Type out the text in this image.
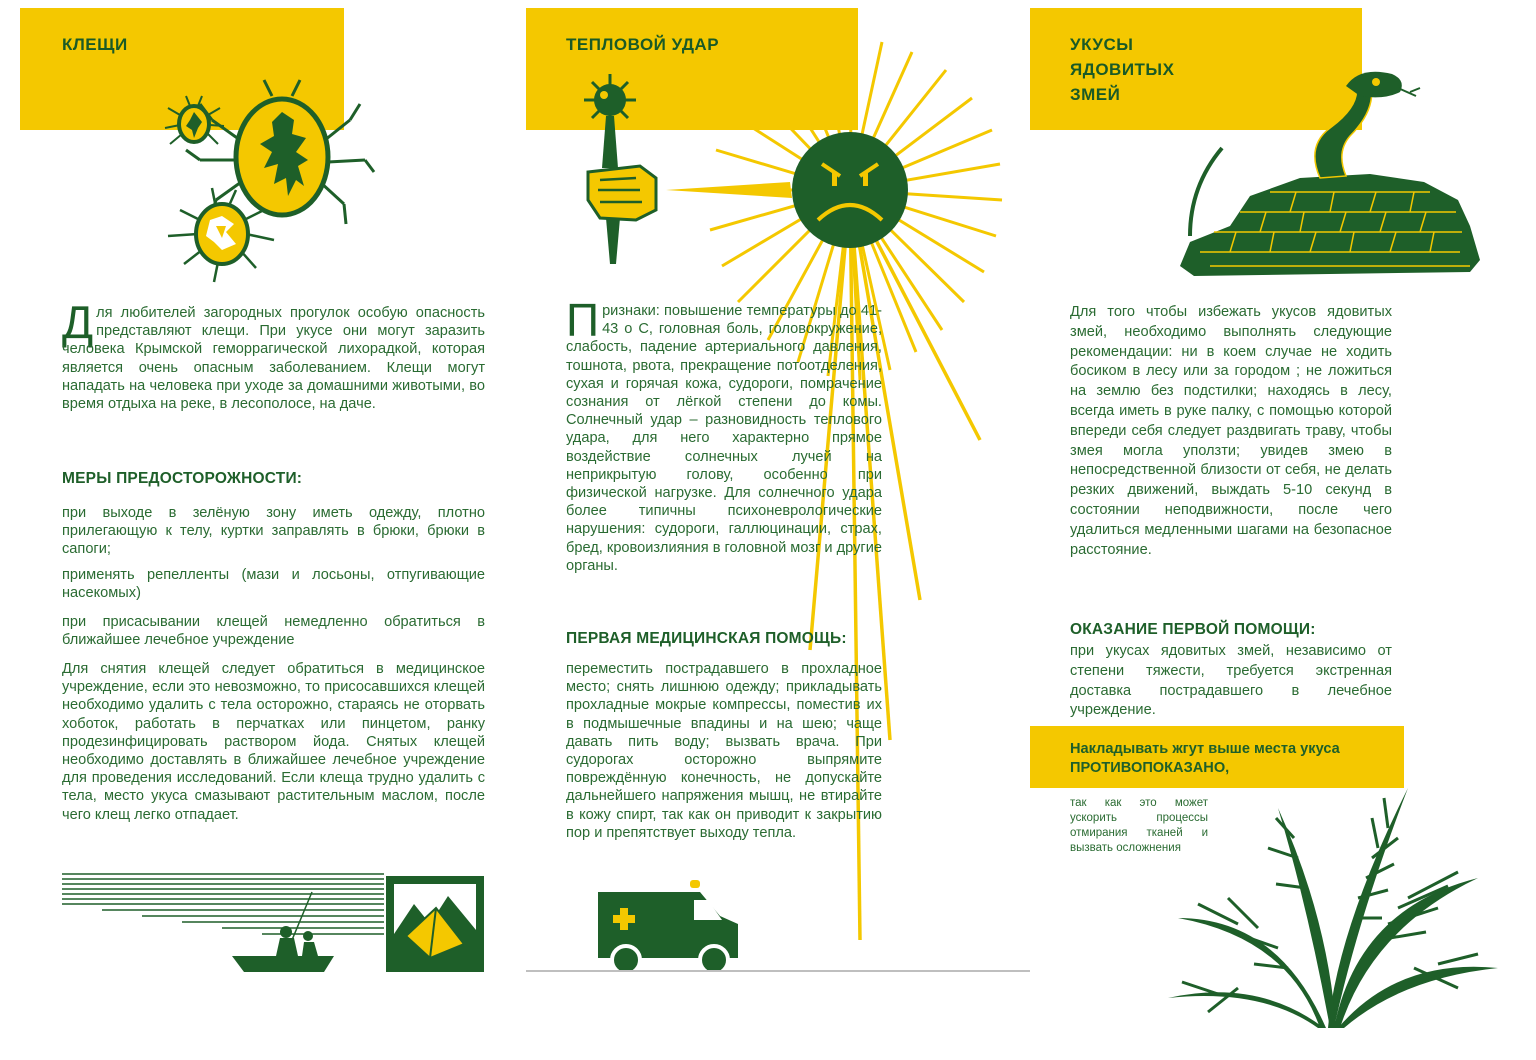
КЛЕЩИ
Для любителей загородных прогулок особую опасность представляют клещи. При укусе они могут заразить человека Крымской геморрагической лихорадкой, которая является очень опасным заболеванием. Клещи могут нападать на человека при уходе за домашними животыми, во время отдыха на реке, в лесополосе, на даче.
МЕРЫ ПРЕДОСТОРОЖНОСТИ:
при выходе в зелёную зону иметь одежду, плотно прилегающую к телу, куртки заправлять в брюки, брюки в сапоги;
применять репелленты (мази и лосьоны, отпугивающие насекомых)
при присасывании клещей немедленно обратиться в ближайшее лечебное учреждение
Для снятия клещей следует обратиться в медицинское учреждение, если это невозможно, то присосавшихся клещей необходимо удалить с тела осторожно, стараясь не оторвать хоботок, работать в перчатках или пинцетом, ранку продезинфицировать раствором йода. Снятых клещей необходимо доставлять в ближайшее лечебное учреждение для проведения исследований. Если клеща трудно удалить с тела, место укуса смазывают растительным маслом, после чего клещ легко отпадает.
ТЕПЛОВОЙ УДАР
Признаки: повышение температуры до 41-43 о С, головная боль, головокружение, слабость, падение артериального давления, тошнота, рвота, прекращение потоотделения, сухая и горячая кожа, судороги, помрачение сознания от лёгкой степени до комы. Солнечный удар – разновидность теплового удара, для него характерно прямое воздействие солнечных лучей на неприкрытую голову, особенно при физической нагрузке. Для солнечного удара более типичны психоневрологические нарушения: судороги, галлюцинации, страх, бред, кровоизлияния в головной мозг и другие органы.
ПЕРВАЯ МЕДИЦИНСКАЯ ПОМОЩЬ:
переместить пострадавшего в прохладное место; снять лишнюю одежду; прикладывать прохладные мокрые компрессы, поместив их в подмышечные впадины и на шею; чаще давать пить воду; вызвать врача. При судорогах осторожно выпрямите повреждённую конечность, не допускайте дальнейшего напряжения мышц, не втирайте в кожу спирт, так как он приводит к закрытию пор и препятствует выходу тепла.
УКУСЫ
ЯДОВИТЫХ
ЗМЕЙ
Для того чтобы избежать укусов ядовитых змей, необходимо выполнять следующие рекомендации: ни в коем случае не ходить босиком в лесу или за городом ; не ложиться на землю без подстилки; находясь в лесу, всегда иметь в руке палку, с помощью которой впереди себя следует раздвигать траву, чтобы змея могла уползти; увидев змею в непосредственной близости от себя, не делать резких движений, выждать 5-10 секунд в состоянии неподвижности, после чего удалиться медленными шагами на безопасное расстояние.
ОКАЗАНИЕ ПЕРВОЙ ПОМОЩИ:
при укусах ядовитых змей, независимо от степени тяжести, требуется экстренная доставка пострадавшего в лечебное учреждение.
Накладывать жгут выше места укуса
ПРОТИВОПОКАЗАНО,
так как это может ускорить процессы отмирания тканей и вызвать осложнения
